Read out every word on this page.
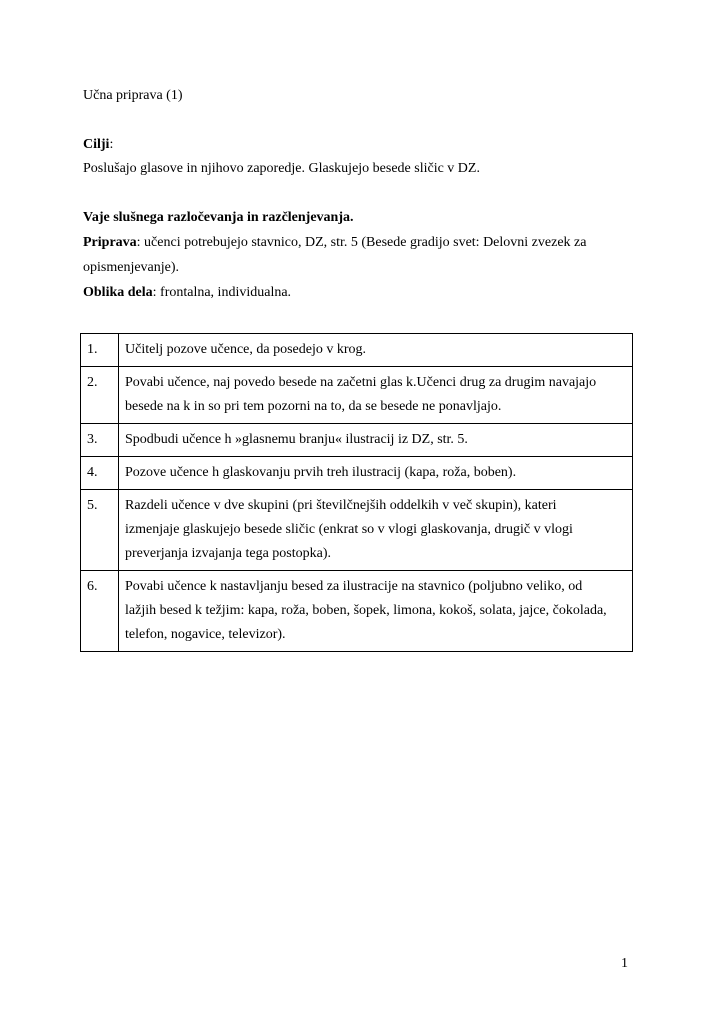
Učna priprava (1)
Cilji:
Poslušajo glasove in njihovo zaporedje. Glaskujejo besede sličic v DZ.
Vaje slušnega razločevanja in razčlenjevanja.
Priprava: učenci potrebujejo stavnico, DZ, str. 5 (Besede gradijo svet: Delovni zvezek za
opismenjevanje).
Oblika dela: frontalna, individualna.
1.	Učitelj pozove učence, da posedejo v krog.

2.	Povabi učence, naj povedo besede na začetni glas k.Učenci drug za drugim navajajo
besede na k in so pri tem pozorni na to, da se besede ne ponavljajo.

3.	Spodbudi učence h »glasnemu branju« ilustracij iz DZ, str. 5.

4.	Pozove učence h glaskovanju prvih treh ilustracij (kapa, roža, boben).

5.	Razdeli učence v dve skupini (pri številčnejših oddelkih v več skupin), kateri
izmenjaje glaskujejo besede sličic (enkrat so v vlogi glaskovanja, drugič v vlogi
preverjanja izvajanja tega postopka).

6.	Povabi učence k nastavljanju besed za ilustracije na stavnico (poljubno veliko, od
lažjih besed k težjim: kapa, roža, boben, šopek, limona, kokoš, solata, jajce, čokolada,
telefon, nogavice, televizor).
1
